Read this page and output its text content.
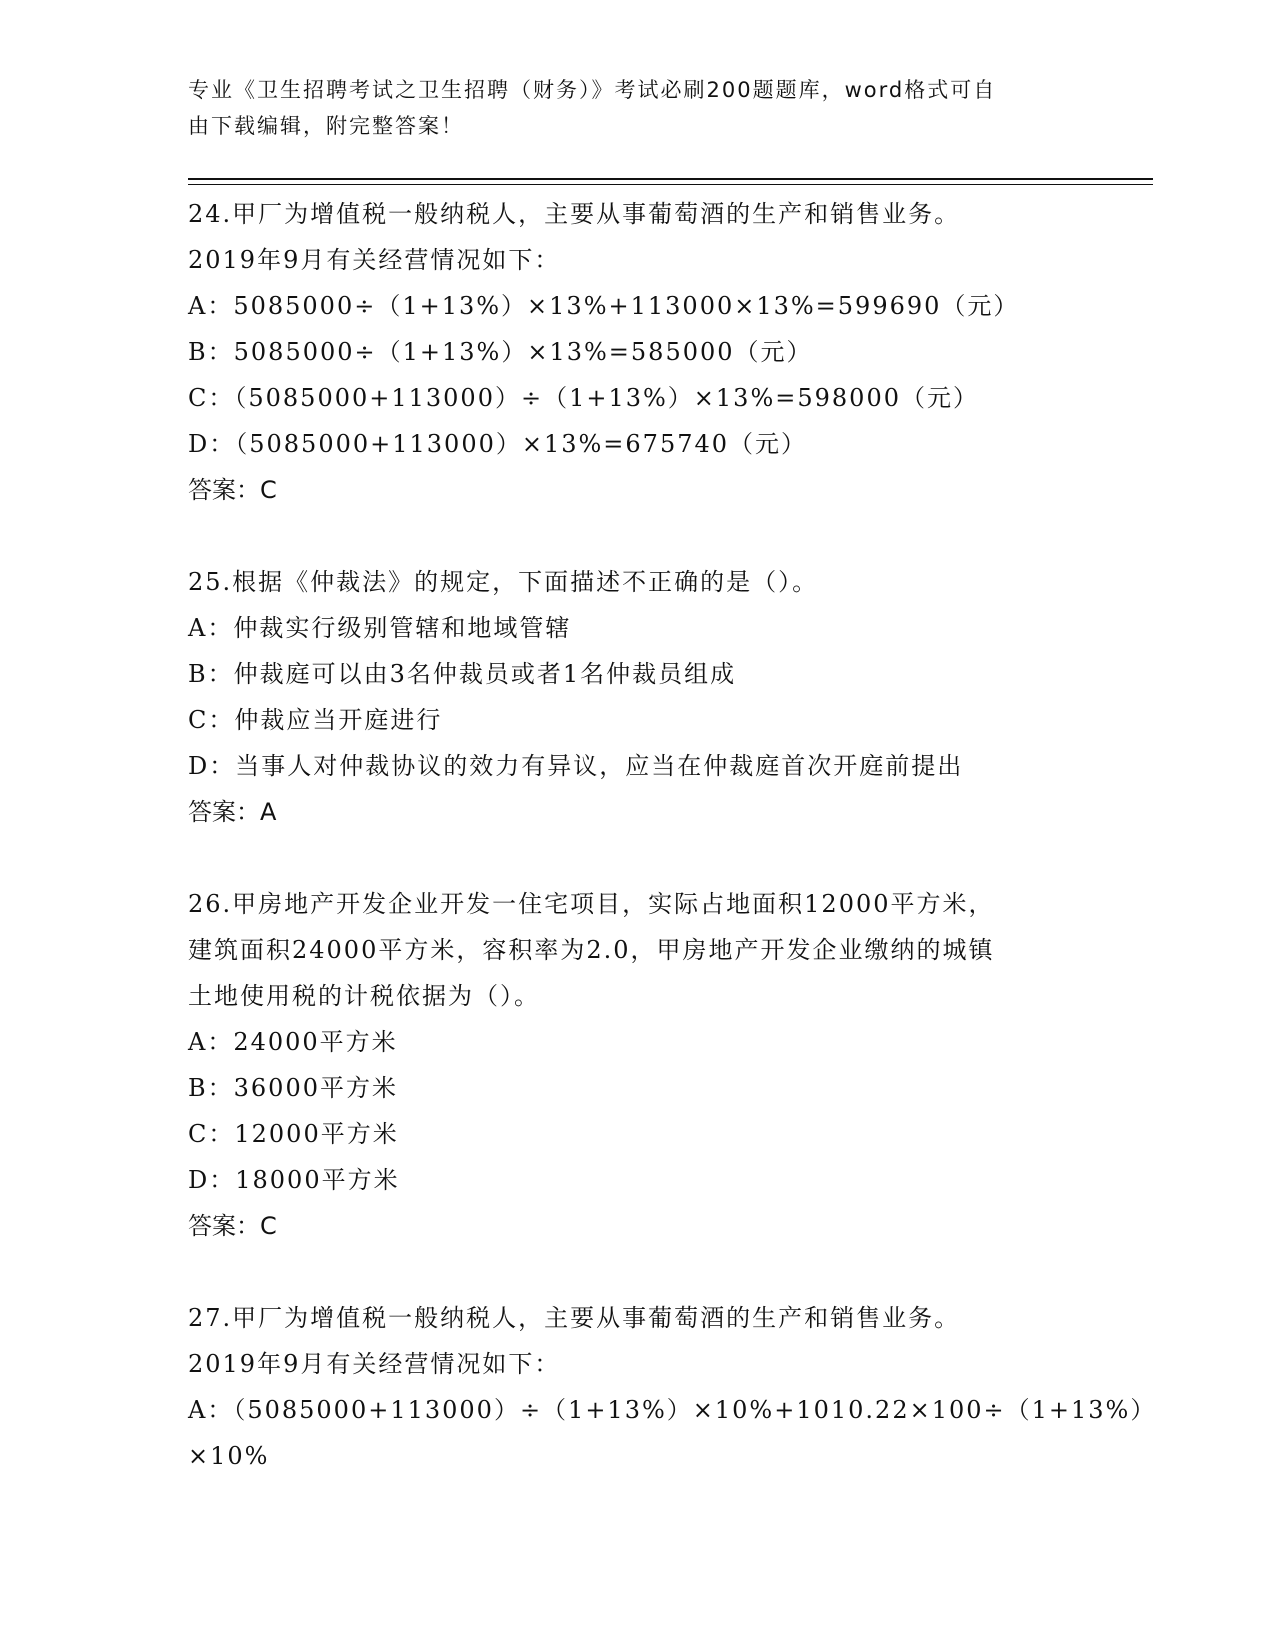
专业《卫生招聘考试之卫生招聘（财务）》考试必刷200题题库，word格式可自
由下载编辑，附完整答案！
24.甲厂为增值税一般纳税人，主要从事葡萄酒的生产和销售业务。
2019年9月有关经营情况如下：
A：5085000÷（1+13%）×13%+113000×13%=599690（元）
B：5085000÷（1+13%）×13%=585000（元）
C：（5085000+113000）÷（1+13%）×13%=598000（元）
D：（5085000+113000）×13%=675740（元）
答案：C
25.根据《仲裁法》的规定，下面描述不正确的是（）。
A：仲裁实行级别管辖和地域管辖
B：仲裁庭可以由3名仲裁员或者1名仲裁员组成
C：仲裁应当开庭进行
D：当事人对仲裁协议的效力有异议，应当在仲裁庭首次开庭前提出
答案：A
26.甲房地产开发企业开发一住宅项目，实际占地面积12000平方米，
建筑面积24000平方米，容积率为2.0，甲房地产开发企业缴纳的城镇
土地使用税的计税依据为（）。
A：24000平方米
B：36000平方米
C：12000平方米
D：18000平方米
答案：C
27.甲厂为增值税一般纳税人，主要从事葡萄酒的生产和销售业务。
2019年9月有关经营情况如下：
A：（5085000+113000）÷（1+13%）×10%+1010.22×100÷（1+13%）
×10%
